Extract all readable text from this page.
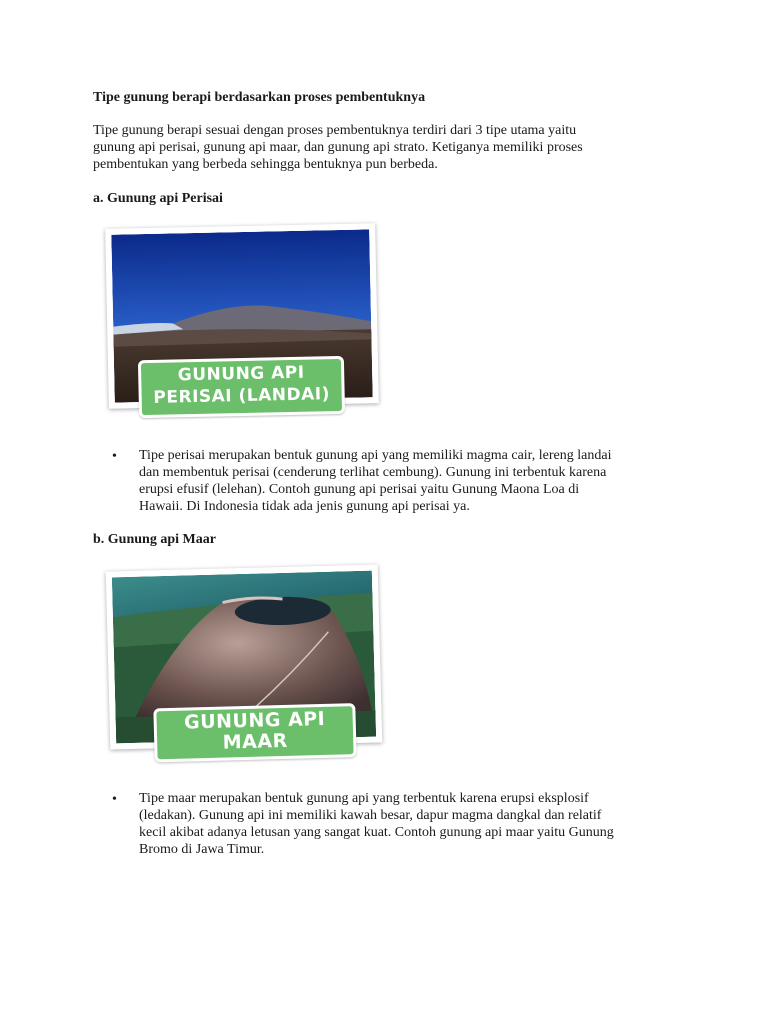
Tipe gunung berapi berdasarkan proses pembentuknya
Tipe gunung berapi sesuai dengan proses pembentuknya terdiri dari 3 tipe utama yaitu
gunung api perisai, gunung api maar, dan gunung api strato. Ketiganya memiliki proses
pembentukan yang berbeda sehingga bentuknya pun berbeda.
a. Gunung api Perisai
GUNUNG API
PERISAI (LANDAI)
• Tipe perisai merupakan bentuk gunung api yang memiliki magma cair, lereng landai
dan membentuk perisai (cenderung terlihat cembung). Gunung ini terbentuk karena
erupsi efusif (lelehan). Contoh gunung api perisai yaitu Gunung Maona Loa di
Hawaii. Di Indonesia tidak ada jenis gunung api perisai ya.
b. Gunung api Maar
GUNUNG API
MAAR
• Tipe maar merupakan bentuk gunung api yang terbentuk karena erupsi eksplosif
(ledakan). Gunung api ini memiliki kawah besar, dapur magma dangkal dan relatif
kecil akibat adanya letusan yang sangat kuat. Contoh gunung api maar yaitu Gunung
Bromo di Jawa Timur.
